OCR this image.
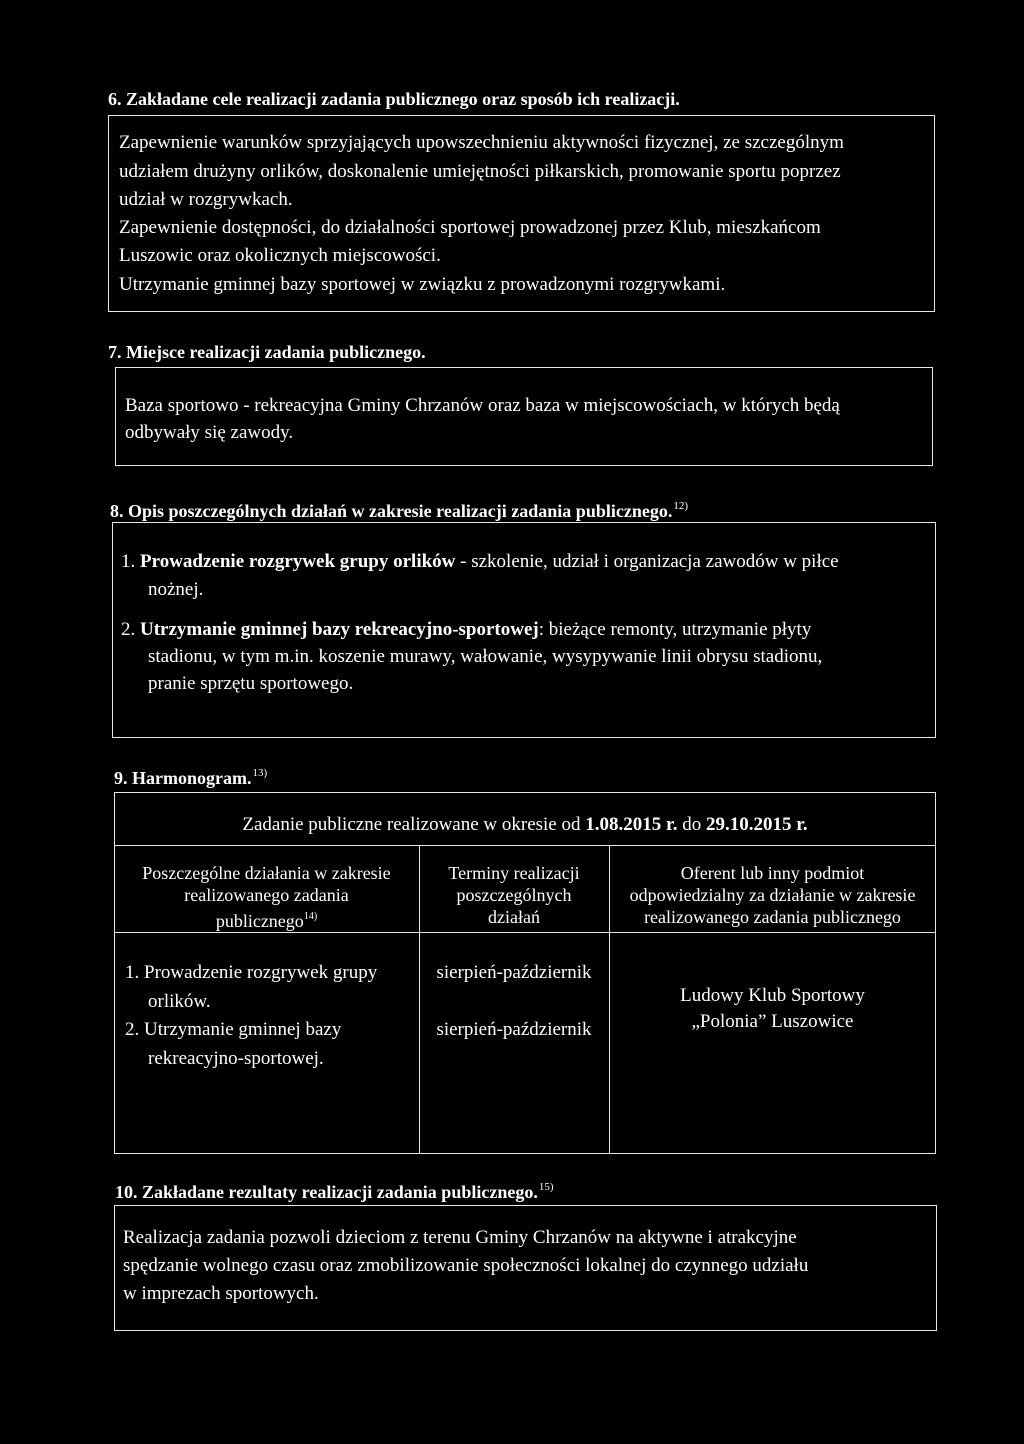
6. Zakładane cele realizacji zadania publicznego oraz sposób ich realizacji.
Zapewnienie warunków sprzyjających upowszechnieniu aktywności fizycznej, ze szczególnym
udziałem drużyny orlików, doskonalenie umiejętności piłkarskich, promowanie sportu poprzez
udział w rozgrywkach.
Zapewnienie dostępności, do działalności sportowej prowadzonej przez Klub, mieszkańcom
Luszowic oraz okolicznych miejscowości.
Utrzymanie gminnej bazy sportowej w związku z prowadzonymi rozgrywkami.
7. Miejsce realizacji zadania publicznego.
Baza sportowo - rekreacyjna Gminy Chrzanów oraz baza w miejscowościach, w których będą
odbywały się zawody.
8. Opis poszczególnych działań w zakresie realizacji zadania publicznego.$^{12)}$
1. Prowadzenie rozgrywek grupy orlików - szkolenie, udział i organizacja zawodów w piłce
nożnej.
2. Utrzymanie gminnej bazy rekreacyjno-sportowej: bieżące remonty, utrzymanie płyty
stadionu, w tym m.in. koszenie murawy, wałowanie, wysypywanie linii obrysu stadionu,
pranie sprzętu sportowego.
9. Harmonogram.$^{13)}$
Zadanie publiczne realizowane w okresie od 1.08.2015 r. do 29.10.2015 r.
Poszczególne działania w zakresie
realizowanego zadania
publicznego$^{14)}$
Terminy realizacji
poszczególnych
działań
Oferent lub inny podmiot
odpowiedzialny za działanie w zakresie
realizowanego zadania publicznego
1. Prowadzenie rozgrywek grupy
orlików.
2. Utrzymanie gminnej bazy
rekreacyjno-sportowej.
sierpień-październik
sierpień-październik
Ludowy Klub Sportowy
„Polonia” Luszowice
10. Zakładane rezultaty realizacji zadania publicznego.$^{15)}$
Realizacja zadania pozwoli dzieciom z terenu Gminy Chrzanów na aktywne i atrakcyjne
spędzanie wolnego czasu oraz zmobilizowanie społeczności lokalnej do czynnego udziału
w imprezach sportowych.
